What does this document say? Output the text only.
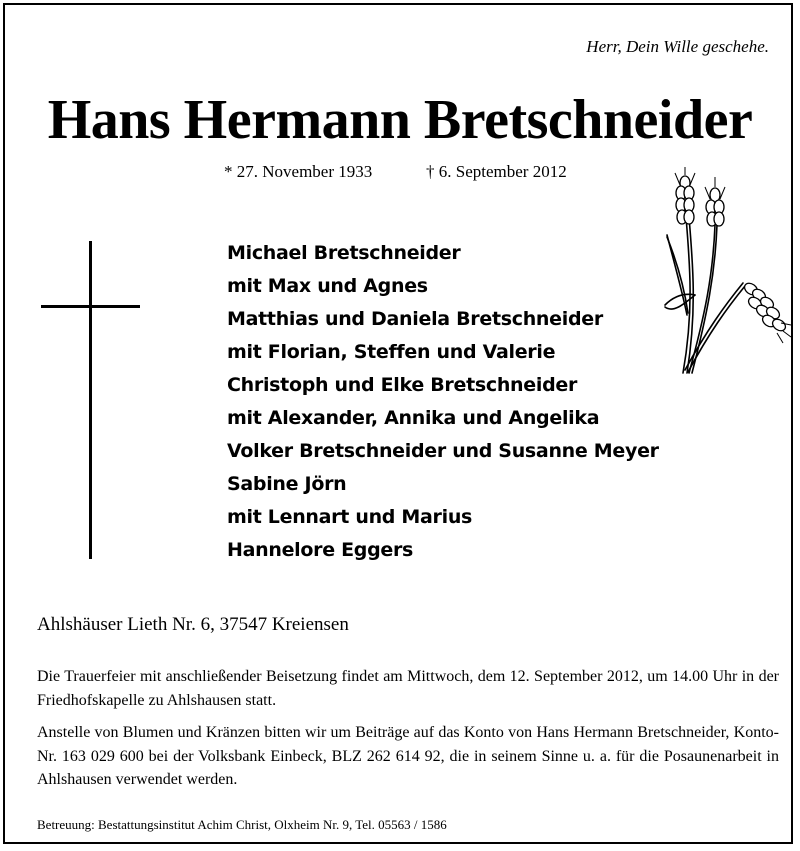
Herr, Dein Wille geschehe.
Hans Hermann Bretschneider
* 27. November 1933	† 6. September 2012
Michael Bretschneider
mit Max und Agnes
Matthias und Daniela Bretschneider
mit Florian, Steffen und Valerie
Christoph und Elke Bretschneider
mit Alexander, Annika und Angelika
Volker Bretschneider und Susanne Meyer
Sabine Jörn
mit Lennart und Marius
Hannelore Eggers
Ahlshäuser Lieth Nr. 6, 37547 Kreiensen
Die Trauerfeier mit anschließender Beisetzung findet am Mittwoch, dem 12. September 2012, um 14.00 Uhr in der Friedhofskapelle zu Ahlshausen statt.
Anstelle von Blumen und Kränzen bitten wir um Beiträge auf das Konto von Hans Hermann Bretschneider, Konto-Nr. 163 029 600 bei der Volksbank Einbeck, BLZ 262 614 92, die in seinem Sinne u. a. für die Posaunenarbeit in Ahlshausen verwendet werden.
Betreuung: Bestattungsinstitut Achim Christ, Olxheim Nr. 9, Tel. 05563 / 1586
